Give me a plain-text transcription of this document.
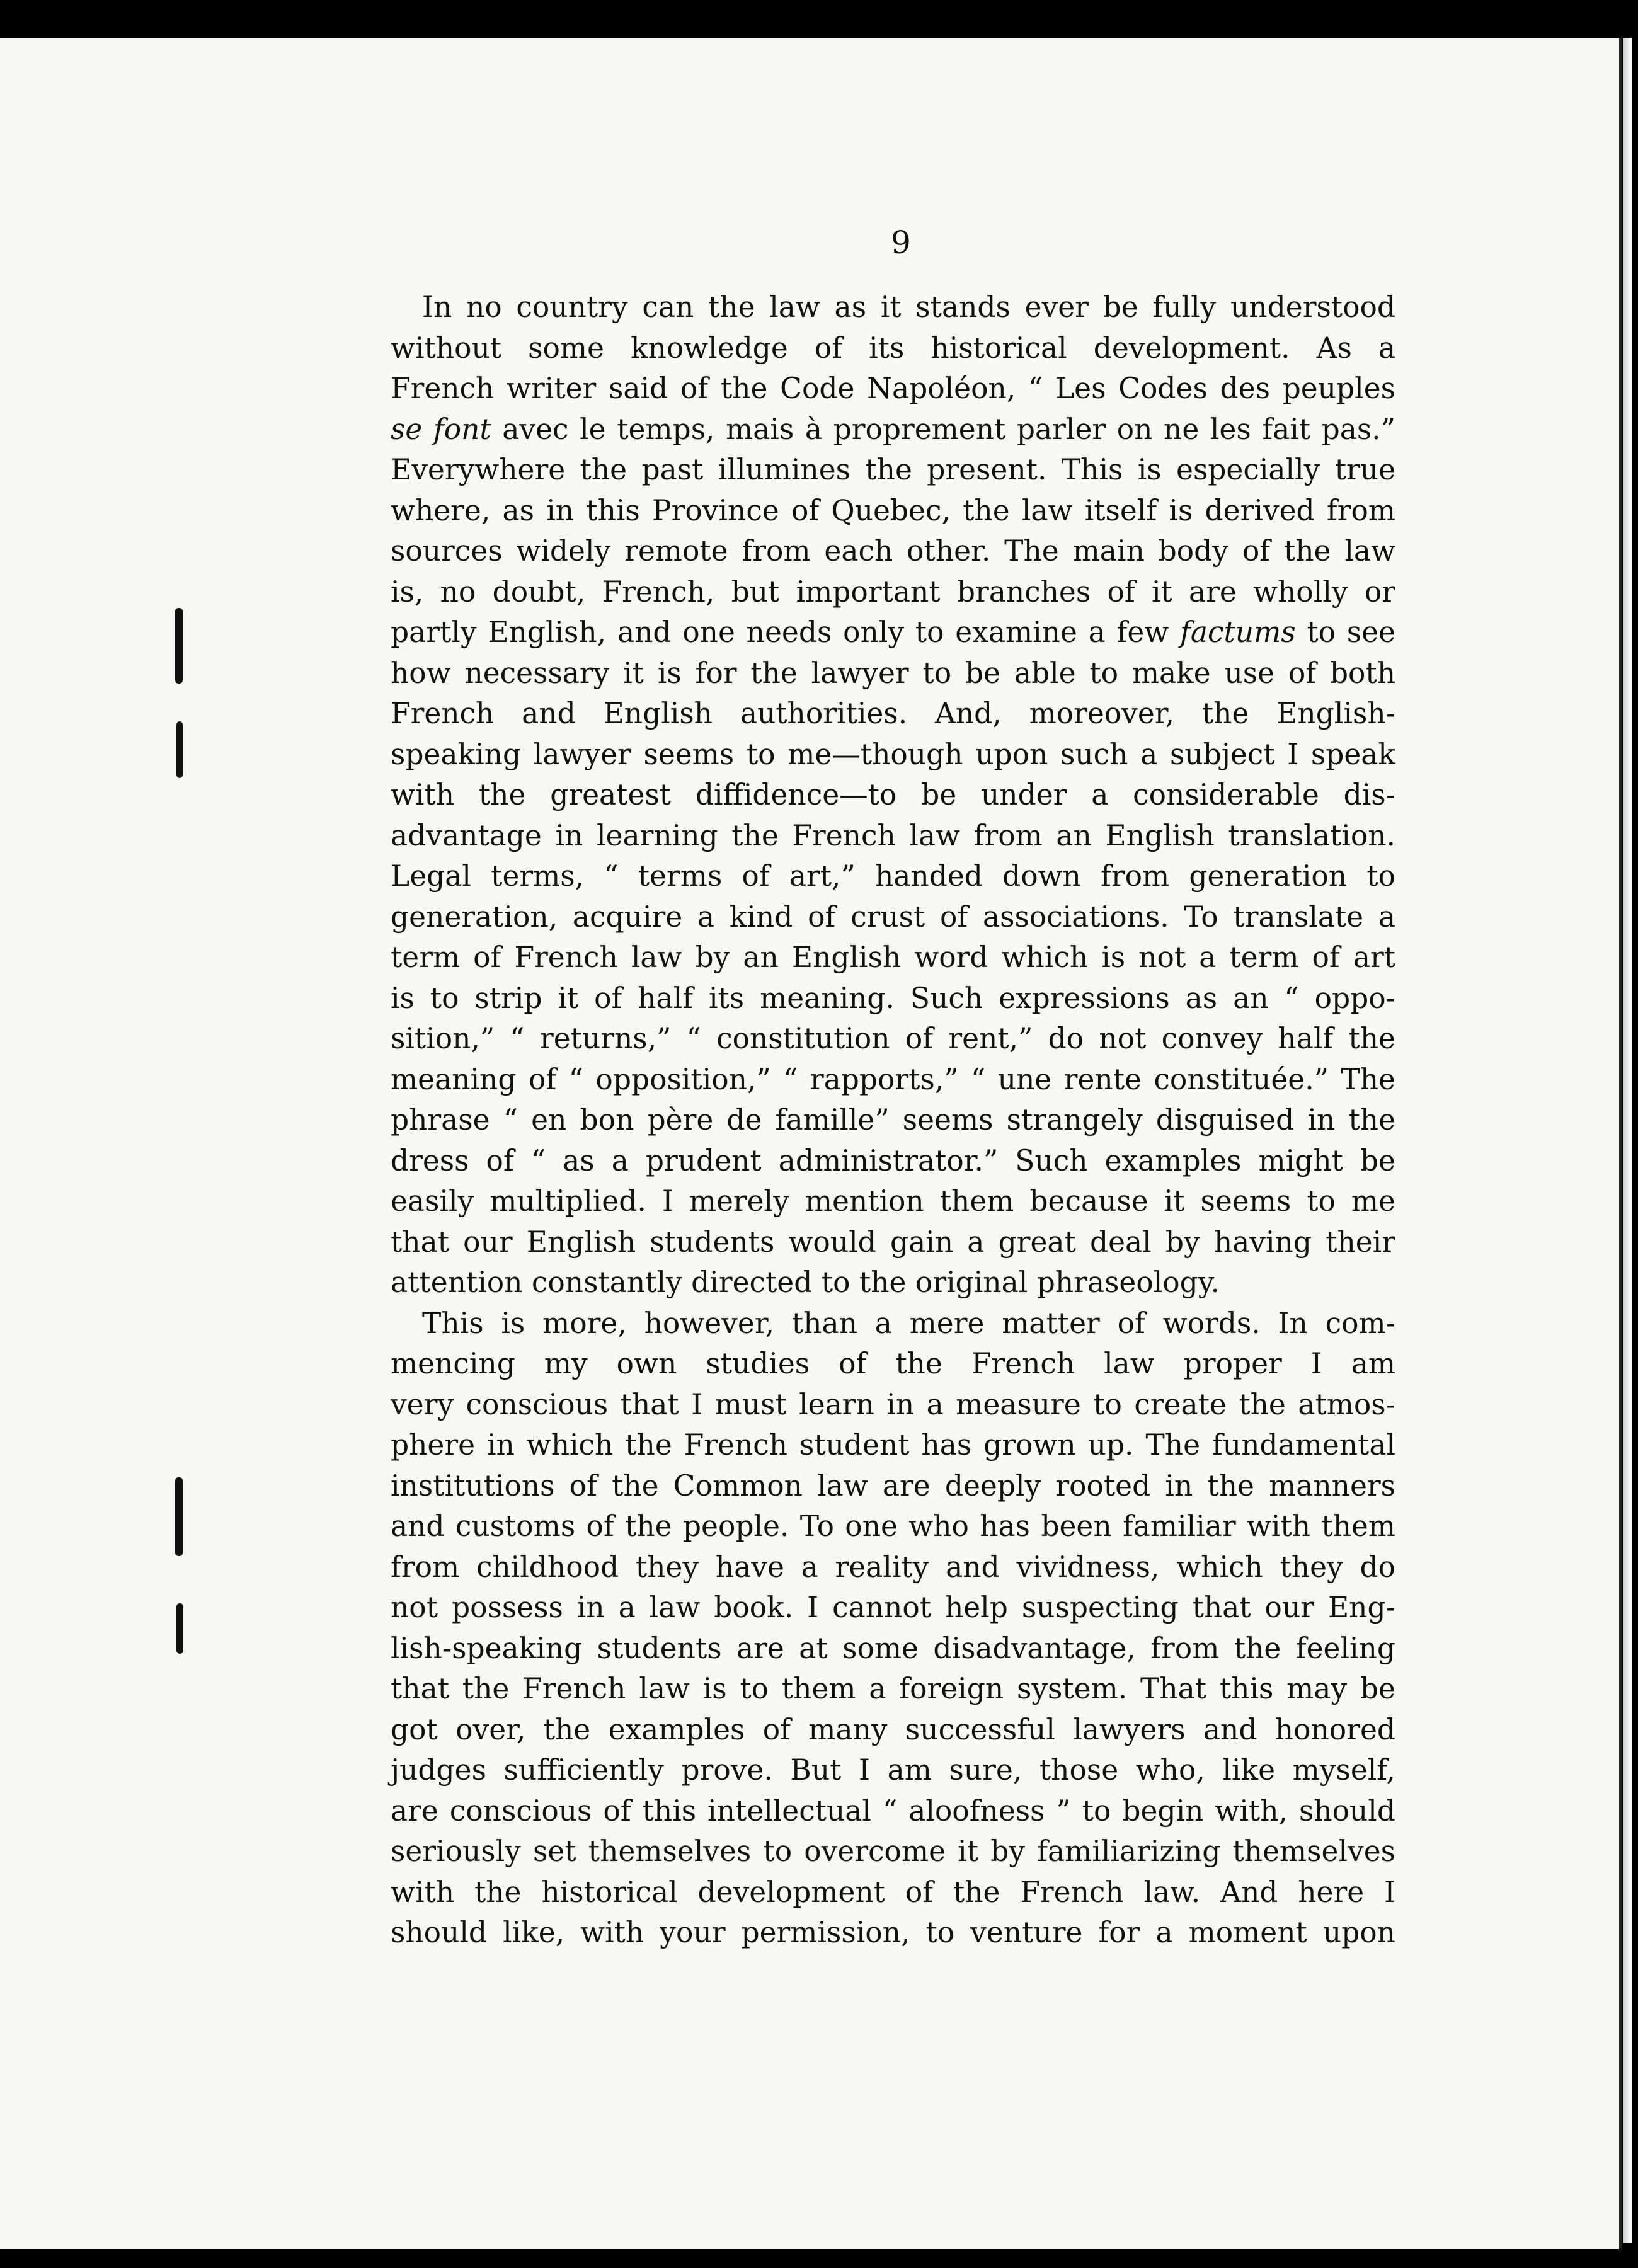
9
In no country can the law as it stands ever be fully understood
without some knowledge of its historical development. As a
French writer said of the Code Napoléon, “ Les Codes des peuples
se font avec le temps, mais à proprement parler on ne les fait pas.”
Everywhere the past illumines the present. This is especially true
where, as in this Province of Quebec, the law itself is derived from
sources widely remote from each other. The main body of the law
is, no doubt, French, but important branches of it are wholly or
partly English, and one needs only to examine a few factums to see
how necessary it is for the lawyer to be able to make use of both
French and English authorities. And, moreover, the English-
speaking lawyer seems to me—though upon such a subject I speak
with the greatest diffidence—to be under a considerable dis-
advantage in learning the French law from an English translation.
Legal terms, “ terms of art,” handed down from generation to
generation, acquire a kind of crust of associations. To translate a
term of French law by an English word which is not a term of art
is to strip it of half its meaning. Such expressions as an “ oppo-
sition,” “ returns,” “ constitution of rent,” do not convey half the
meaning of “ opposition,” “ rapports,” “ une rente constituée.” The
phrase “ en bon père de famille” seems strangely disguised in the
dress of “ as a prudent administrator.” Such examples might be
easily multiplied. I merely mention them because it seems to me
that our English students would gain a great deal by having their
attention constantly directed to the original phraseology.
This is more, however, than a mere matter of words. In com-
mencing my own studies of the French law proper I am
very conscious that I must learn in a measure to create the atmos-
phere in which the French student has grown up. The fundamental
institutions of the Common law are deeply rooted in the manners
and customs of the people. To one who has been familiar with them
from childhood they have a reality and vividness, which they do
not possess in a law book. I cannot help suspecting that our Eng-
lish-speaking students are at some disadvantage, from the feeling
that the French law is to them a foreign system. That this may be
got over, the examples of many successful lawyers and honored
judges sufficiently prove. But I am sure, those who, like myself,
are conscious of this intellectual “ aloofness ” to begin with, should
seriously set themselves to overcome it by familiarizing themselves
with the historical development of the French law. And here I
should like, with your permission, to venture for a moment upon
